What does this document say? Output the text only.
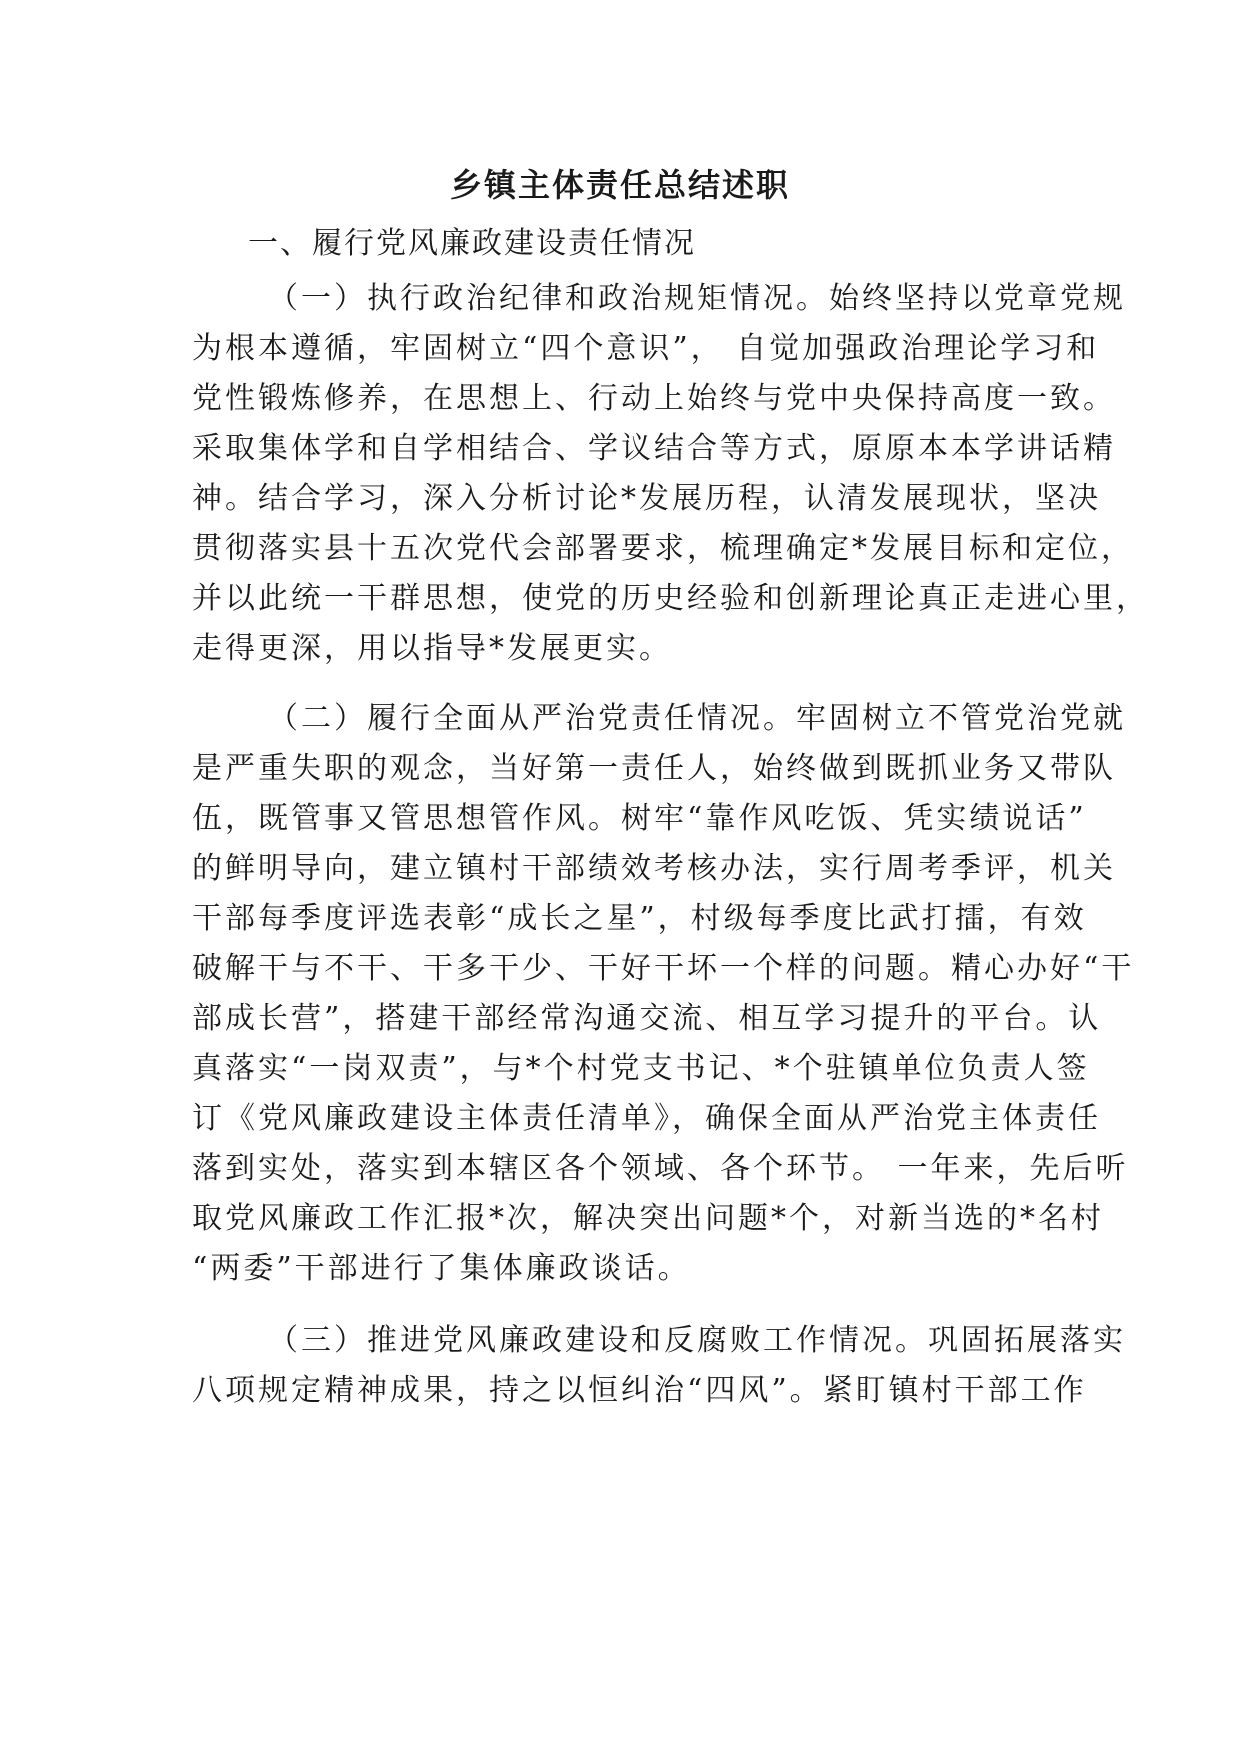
乡镇主体责任总结述职
一、履行党风廉政建设责任情况
（一）执行政治纪律和政治规矩情况。始终坚持以党章党规
为根本遵循，牢固树立“四个意识”， 自觉加强政治理论学习和
党性锻炼修养，在思想上、行动上始终与党中央保持高度一致。
采取集体学和自学相结合、学议结合等方式，原原本本学讲话精
神。结合学习，深入分析讨论*发展历程，认清发展现状，坚决
贯彻落实县十五次党代会部署要求，梳理确定*发展目标和定位，
并以此统一干群思想，使党的历史经验和创新理论真正走进心里，
走得更深，用以指导*发展更实。
（二）履行全面从严治党责任情况。牢固树立不管党治党就
是严重失职的观念，当好第一责任人，始终做到既抓业务又带队
伍，既管事又管思想管作风。树牢“靠作风吃饭、凭实绩说话”
的鲜明导向，建立镇村干部绩效考核办法，实行周考季评，机关
干部每季度评选表彰“成长之星”，村级每季度比武打擂，有效
破解干与不干、干多干少、干好干坏一个样的问题。精心办好“干
部成长营”，搭建干部经常沟通交流、相互学习提升的平台。认
真落实“一岗双责”，与*个村党支书记、*个驻镇单位负责人签
订《党风廉政建设主体责任清单》，确保全面从严治党主体责任
落到实处，落实到本辖区各个领域、各个环节。 一年来，先后听
取党风廉政工作汇报*次，解决突出问题*个，对新当选的*名村
“两委”干部进行了集体廉政谈话。
（三）推进党风廉政建设和反腐败工作情况。巩固拓展落实
八项规定精神成果，持之以恒纠治“四风”。紧盯镇村干部工作
